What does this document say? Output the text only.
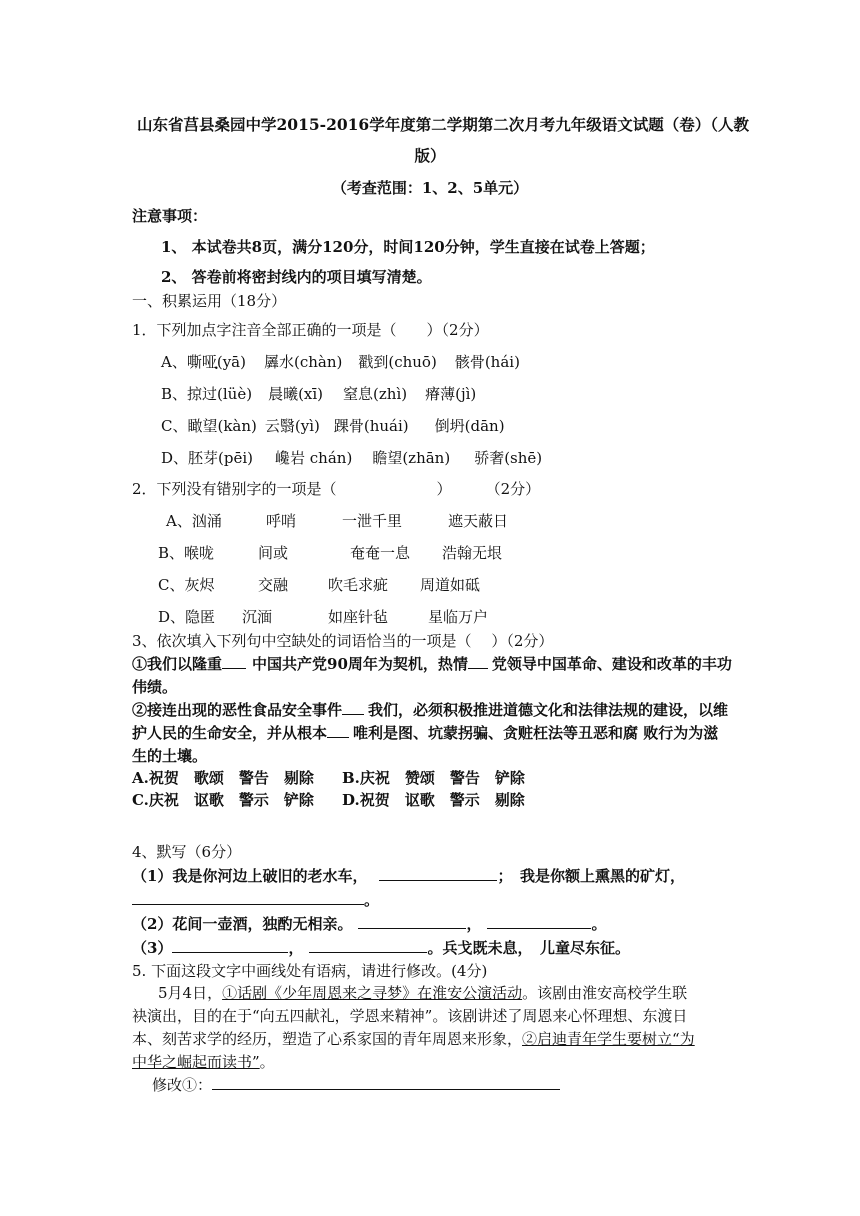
山东省莒县桑园中学2015-2016学年度第二学期第二次月考九年级语文试题（卷）（人教
版）
（考查范围：1、2、5单元）
注意事项：
1、 本试卷共8页，满分120分，时间120分钟，学生直接在试卷上答题；
2、 答卷前将密封线内的项目填写清楚。
一、积累运用（18分）
1．下列加点字注音全部正确的一项是（　　）（2分）
A、嘶哑(yā) • 羼水(chàn) 戳到(chuō) 骸骨(hái)
B、掠过(lüè) 晨曦(xī) 窒息(zhì) 瘠薄(jì)
C、瞰望(kàn) 云翳(yì) 踝骨(huái) 倒坍(dān)
D、胚芽(pēi) 巉岩 chán) 瞻望(zhān) 骄奢(shē)
2．下列没有错别字的一项是（	） （2分）
A、汹涌	呼哨	一泄千里	遮天蔽日
B、喉咙	间或	奄奄一息 浩翰无垠
C、灰烬	交融	吹毛求疵 周道如砥
D、隐匿 沉湎	如座针毡	星临万户
3、依次填入下列句中空缺处的词语恰当的一项是（　 ）（2分）
①我们以隆重 中国共产党90周年为契机，热情 党领导中国革命、建设和改革的丰功
伟绩。
②接连出现的恶性食品安全事件 我们，必须积极推进道德文化和法律法规的建设，以维
护人民的生命安全，并从根本 唯利是图、坑蒙拐骗、贪赃枉法等丑恶和腐 败行为为滋
生的土壤。
A.祝贺　歌颂　警告　剔除 B.庆祝　赞颂　警告　铲除
C.庆祝　讴歌　警示　铲除 D.祝贺　讴歌　警示　剔除
4、默写（6分）
（1）我是你河边上破旧的老水车，	；　我是你额上熏黑的矿灯，
。
（2）花间一壶酒，独酌无相亲。	，	。
（3）	，	。兵戈既未息，　儿童尽东征。
5. 下面这段文字中画线处有语病，请进行修改。(4分)
5月4日，①话剧《少年周恩来之寻梦》在淮安公演活动。该剧由淮安高校学生联
袂演出，目的在于“向五四献礼，学恩来精神”。该剧讲述了周恩来心怀理想、东渡日
本、刻苦求学的经历，塑造了心系家国的青年周恩来形象，②启迪青年学生要树立“为
中华之崛起而读书”。
修改①：
